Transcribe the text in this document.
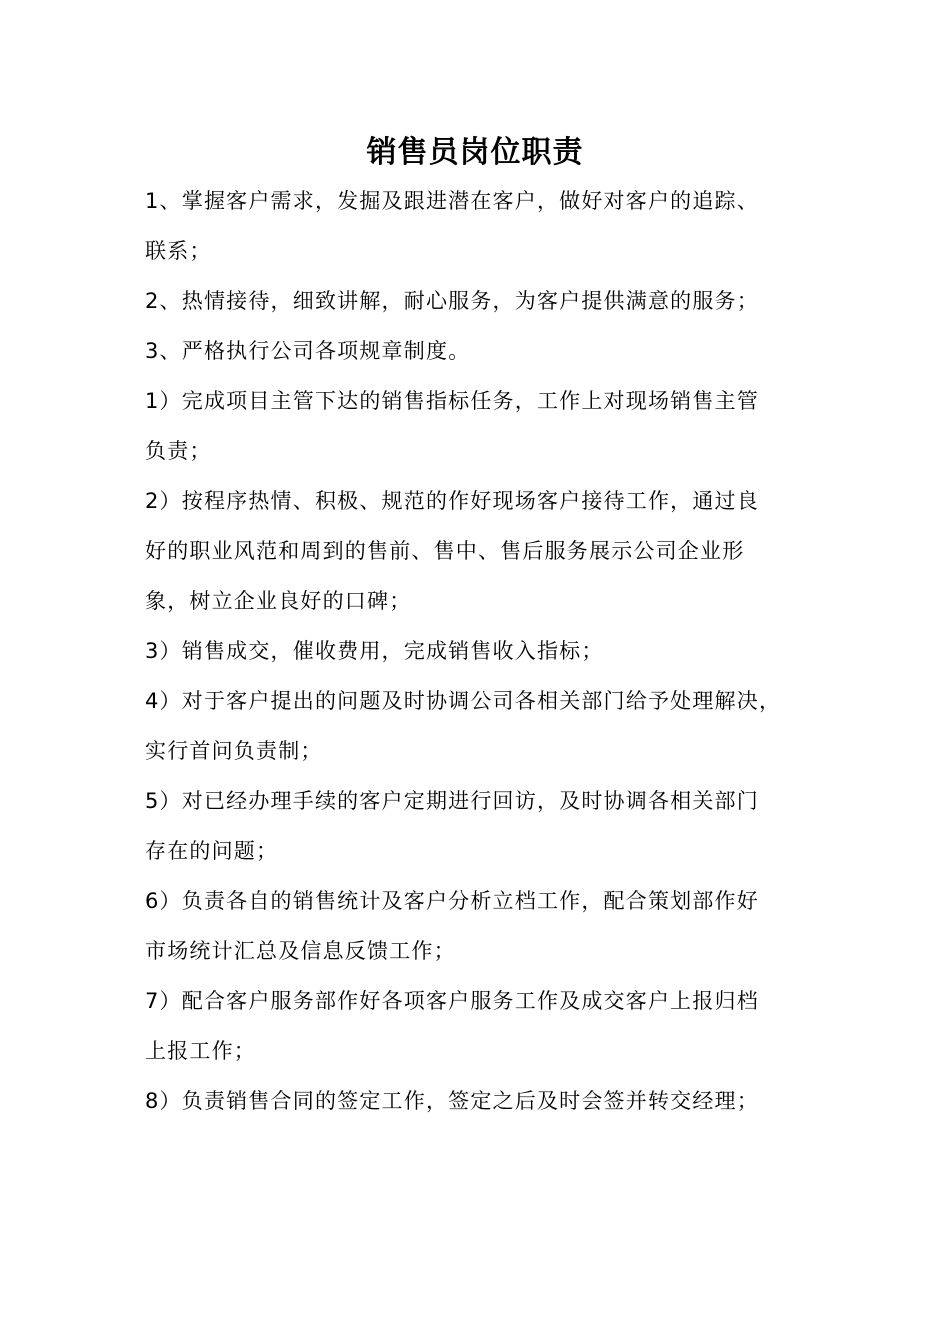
销售员岗位职责
1、掌握客户需求，发掘及跟进潜在客户，做好对客户的追踪、
联系；
2、热情接待，细致讲解，耐心服务，为客户提供满意的服务；
3、严格执行公司各项规章制度。
1）完成项目主管下达的销售指标任务，工作上对现场销售主管
负责；
2）按程序热情、积极、规范的作好现场客户接待工作，通过良
好的职业风范和周到的售前、售中、售后服务展示公司企业形
象，树立企业良好的口碑；
3）销售成交，催收费用，完成销售收入指标；
4）对于客户提出的问题及时协调公司各相关部门给予处理解决，
实行首问负责制；
5）对已经办理手续的客户定期进行回访，及时协调各相关部门
存在的问题；
6）负责各自的销售统计及客户分析立档工作，配合策划部作好
市场统计汇总及信息反馈工作；
7）配合客户服务部作好各项客户服务工作及成交客户上报归档
上报工作；
8）负责销售合同的签定工作，签定之后及时会签并转交经理；
